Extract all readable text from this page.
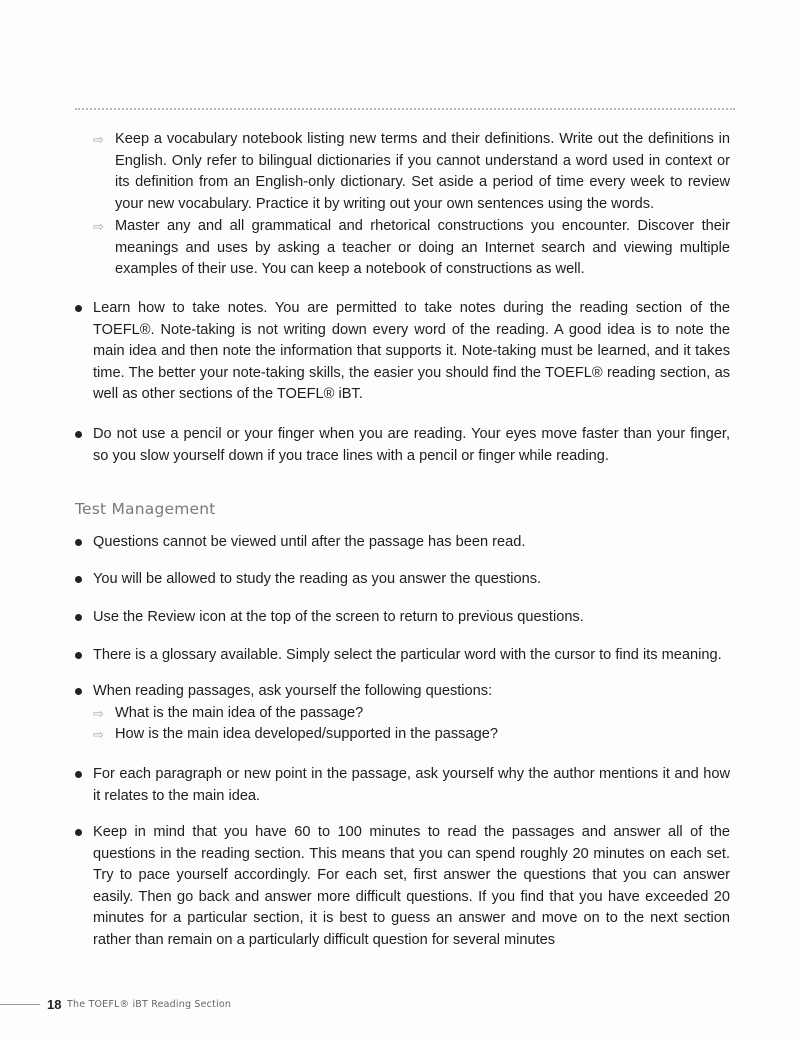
⇨ Keep a vocabulary notebook listing new terms and their definitions. Write out the definitions in English. Only refer to bilingual dictionaries if you cannot understand a word used in context or its definition from an English-only dictionary. Set aside a period of time every week to review your new vocabulary. Practice it by writing out your own sentences using the words.
⇨ Master any and all grammatical and rhetorical constructions you encounter. Discover their meanings and uses by asking a teacher or doing an Internet search and viewing multiple examples of their use. You can keep a notebook of constructions as well.
Learn how to take notes. You are permitted to take notes during the reading section of the TOEFL®. Note-taking is not writing down every word of the reading. A good idea is to note the main idea and then note the information that supports it. Note-taking must be learned, and it takes time. The better your note-taking skills, the easier you should find the TOEFL® reading section, as well as other sections of the TOEFL® iBT.
Do not use a pencil or your finger when you are reading. Your eyes move faster than your finger, so you slow yourself down if you trace lines with a pencil or finger while reading.
Test Management
Questions cannot be viewed until after the passage has been read.
You will be allowed to study the reading as you answer the questions.
Use the Review icon at the top of the screen to return to previous questions.
There is a glossary available. Simply select the particular word with the cursor to find its meaning.
When reading passages, ask yourself the following questions:
⇨ What is the main idea of the passage?
⇨ How is the main idea developed/supported in the passage?
For each paragraph or new point in the passage, ask yourself why the author mentions it and how it relates to the main idea.
Keep in mind that you have 60 to 100 minutes to read the passages and answer all of the questions in the reading section. This means that you can spend roughly 20 minutes on each set. Try to pace yourself accordingly. For each set, first answer the questions that you can answer easily. Then go back and answer more difficult questions. If you find that you have exceeded 20 minutes for a particular section, it is best to guess an answer and move on to the next section rather than remain on a particularly difficult question for several minutes
18 The TOEFL® iBT Reading Section
